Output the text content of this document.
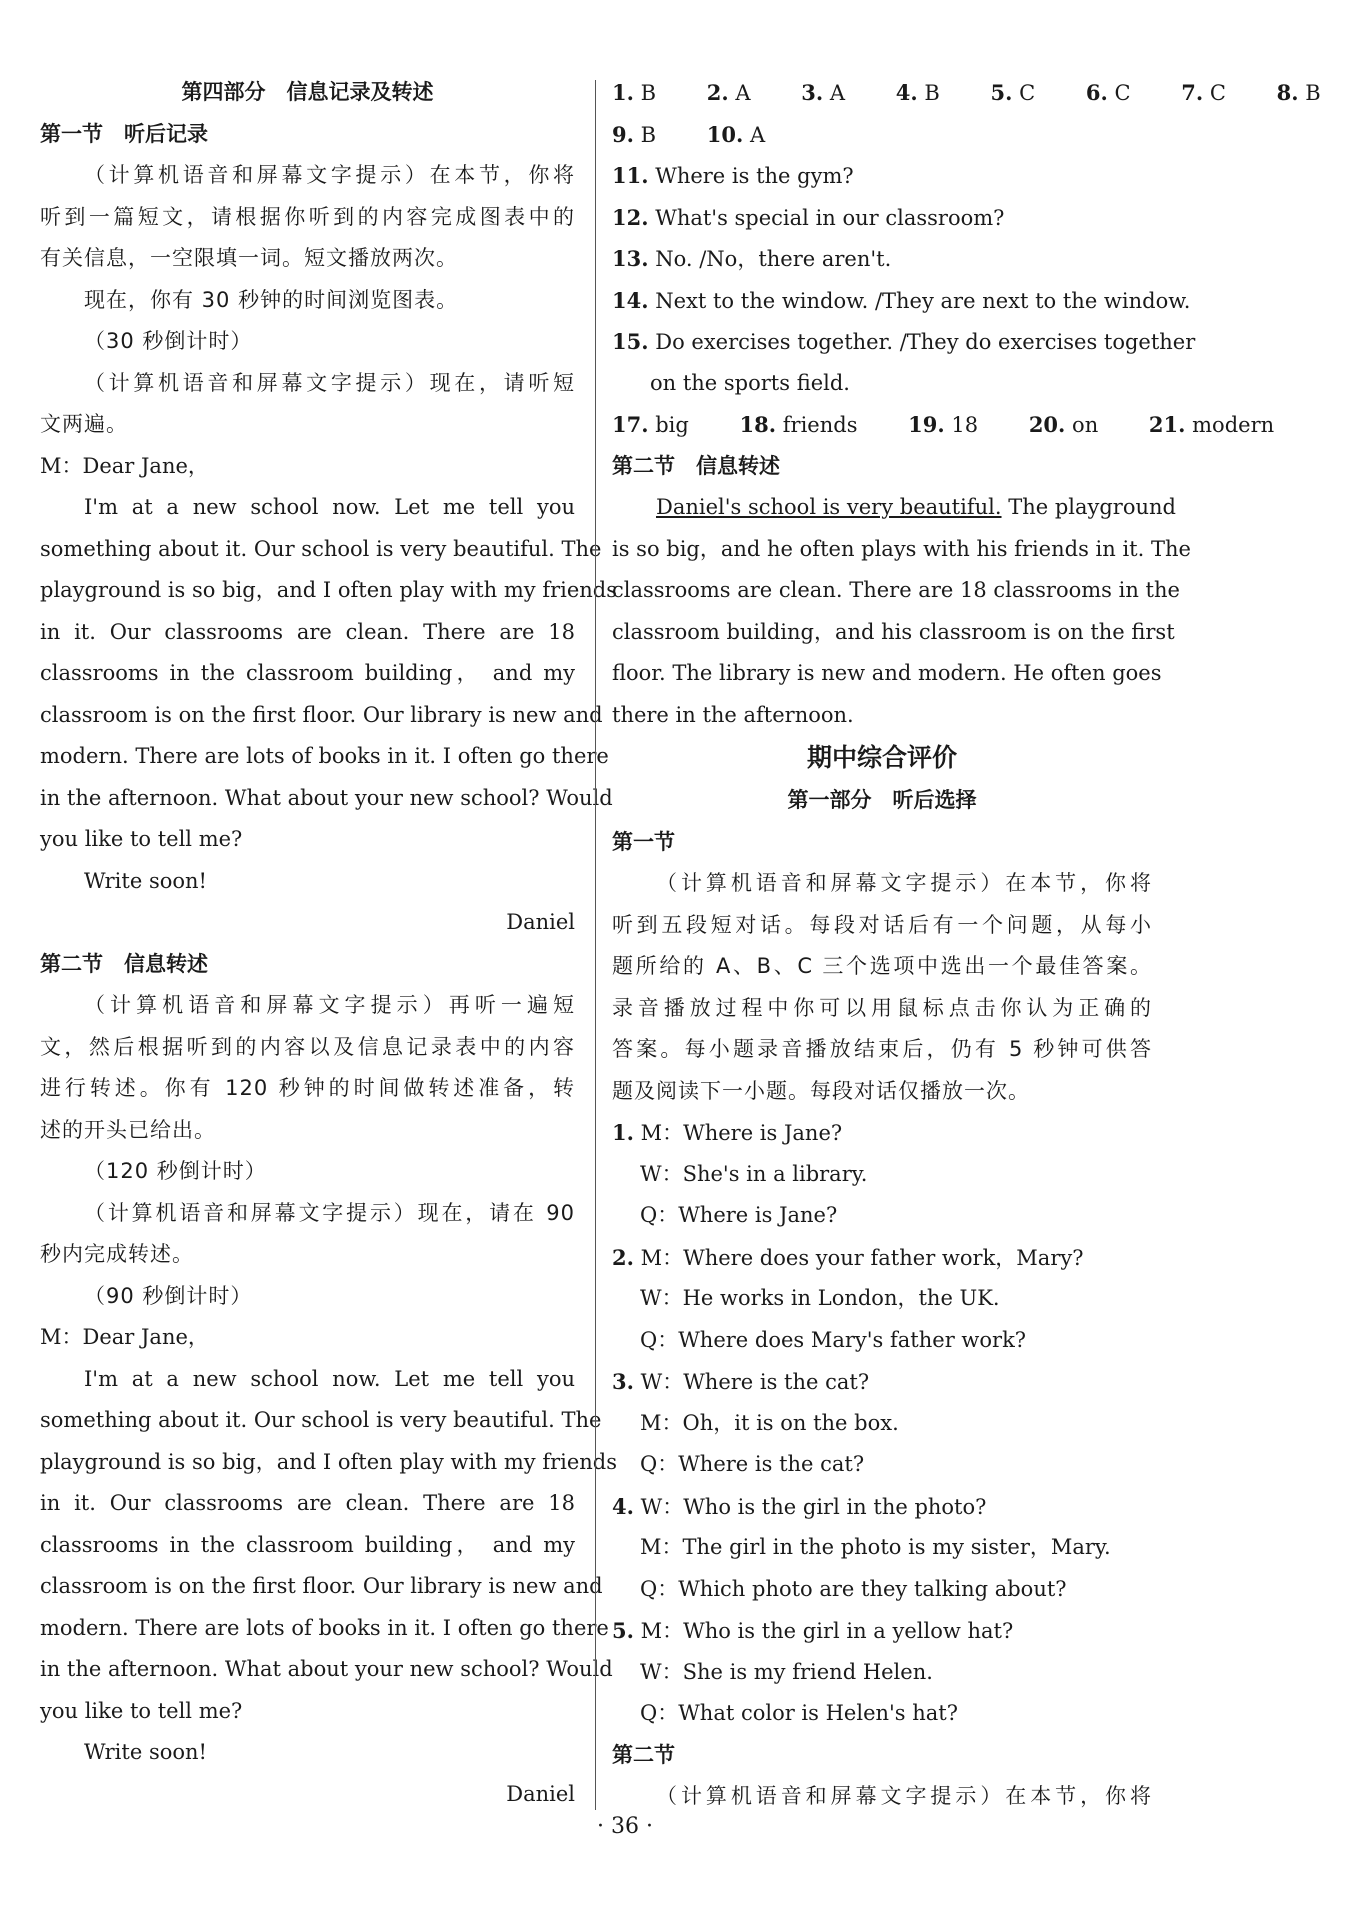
第四部分　信息记录及转述
第一节　听后记录
（计算机语音和屏幕文字提示）在本节，你将
听到一篇短文，请根据你听到的内容完成图表中的
有关信息，一空限填一词。短文播放两次。
现在，你有 30 秒钟的时间浏览图表。
（30 秒倒计时）
（计算机语音和屏幕文字提示）现在，请听短
文两遍。
M：Dear Jane，
I'm at a new school now. Let me tell you
something about it. Our school is very beautiful. The
playground is so big，and I often play with my friends
in it. Our classrooms are clean. There are 18
classrooms in the classroom building， and my
classroom is on the first floor. Our library is new and
modern. There are lots of books in it. I often go there
in the afternoon. What about your new school? Would
you like to tell me?
Write soon!
Daniel
第二节　信息转述
（计算机语音和屏幕文字提示）再听一遍短
文，然后根据听到的内容以及信息记录表中的内容
进行转述。你有 120 秒钟的时间做转述准备，转
述的开头已给出。
（120 秒倒计时）
（计算机语音和屏幕文字提示）现在，请在 90
秒内完成转述。
（90 秒倒计时）
M：Dear Jane，
I'm at a new school now. Let me tell you
something about it. Our school is very beautiful. The
playground is so big，and I often play with my friends
in it. Our classrooms are clean. There are 18
classrooms in the classroom building， and my
classroom is on the first floor. Our library is new and
modern. There are lots of books in it. I often go there
in the afternoon. What about your new school? Would
you like to tell me?
Write soon!
Daniel
1. B 2. A 3. A 4. B 5. C 6. C 7. C 8. B
9. B 10. A
11. Where is the gym?
12. What's special in our classroom?
13. No. /No，there aren't.
14. Next to the window. /They are next to the window.
15. Do exercises together. /They do exercises together
on the sports field.
17. big 18. friends 19. 18 20. on 21. modern
第二节　信息转述
Daniel's school is very beautiful. The playground
is so big，and he often plays with his friends in it. The
classrooms are clean. There are 18 classrooms in the
classroom building，and his classroom is on the first
floor. The library is new and modern. He often goes
there in the afternoon.
期中综合评价
第一部分　听后选择
第一节
（计算机语音和屏幕文字提示）在本节，你将
听到五段短对话。每段对话后有一个问题，从每小
题所给的 A、B、C 三个选项中选出一个最佳答案。
录音播放过程中你可以用鼠标点击你认为正确的
答案。每小题录音播放结束后，仍有 5 秒钟可供答
题及阅读下一小题。每段对话仅播放一次。
1. M：Where is Jane?
W：She's in a library.
Q：Where is Jane?
2. M：Where does your father work，Mary?
W：He works in London，the UK.
Q：Where does Mary's father work?
3. W：Where is the cat?
M：Oh，it is on the box.
Q：Where is the cat?
4. W：Who is the girl in the photo?
M：The girl in the photo is my sister，Mary.
Q：Which photo are they talking about?
5. M：Who is the girl in a yellow hat?
W：She is my friend Helen.
Q：What color is Helen's hat?
第二节
（计算机语音和屏幕文字提示）在本节，你将
· 36 ·
